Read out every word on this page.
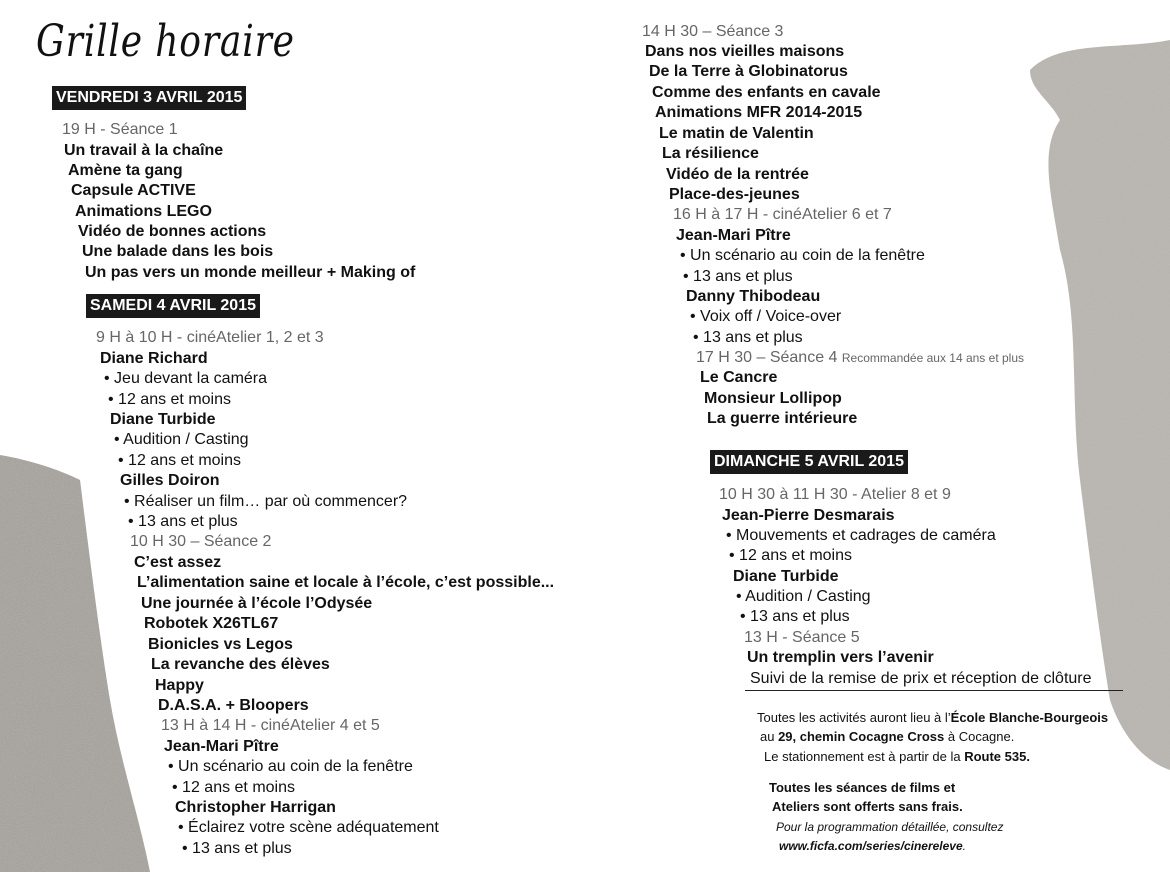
Grille horaire
VENDREDI 3 AVRIL 2015
19 H - Séance 1
Un travail à la chaîne
Amène ta gang
Capsule ACTIVE
Animations LEGO
Vidéo de bonnes actions
Une balade dans les bois
Un pas vers un monde meilleur + Making of
SAMEDI 4 AVRIL 2015
9 H à 10 H - cinéAtelier 1, 2 et 3
Diane Richard
• Jeu devant la caméra
• 12 ans et moins
Diane Turbide
• Audition / Casting
• 12 ans et moins
Gilles Doiron
• Réaliser un film… par où commencer?
• 13 ans et plus
10 H 30 – Séance 2
C’est assez
L’alimentation saine et locale à l’école, c’est possible...
Une journée à l’école l’Odysée
Robotek X26TL67
Bionicles vs Legos
La revanche des élèves
Happy
D.A.S.A. + Bloopers
13 H à 14 H - cinéAtelier 4 et 5
Jean-Mari Pître
• Un scénario au coin de la fenêtre
• 12 ans et moins
Christopher Harrigan
• Éclairez votre scène adéquatement
• 13 ans et plus
14 H 30 – Séance 3
Dans nos vieilles maisons
De la Terre à Globinatorus
Comme des enfants en cavale
Animations MFR 2014-2015
Le matin de Valentin
La résilience
Vidéo de la rentrée
Place-des-jeunes
16 H à 17 H - cinéAtelier 6 et 7
Jean-Mari Pître
• Un scénario au coin de la fenêtre
• 13 ans et plus
Danny Thibodeau
• Voix off / Voice-over
• 13 ans et plus
17 H 30 – Séance 4 Recommandée aux 14 ans et plus
Le Cancre
Monsieur Lollipop
La guerre intérieure
DIMANCHE 5 AVRIL 2015
10 H 30 à 11 H 30 - Atelier 8 et 9
Jean-Pierre Desmarais
• Mouvements et cadrages de caméra
• 12 ans et moins
Diane Turbide
• Audition / Casting
• 13 ans et plus
13 H - Séance 5
Un tremplin vers l’avenir
Suivi de la remise de prix et réception de clôture
Toutes les activités auront lieu à l’École Blanche-Bourgeois
au 29, chemin Cocagne Cross à Cocagne.
Le stationnement est à partir de la Route 535.
Toutes les séances de films et
Ateliers sont offerts sans frais.
Pour la programmation détaillée, consultez
www.ficfa.com/series/cinereleve.
